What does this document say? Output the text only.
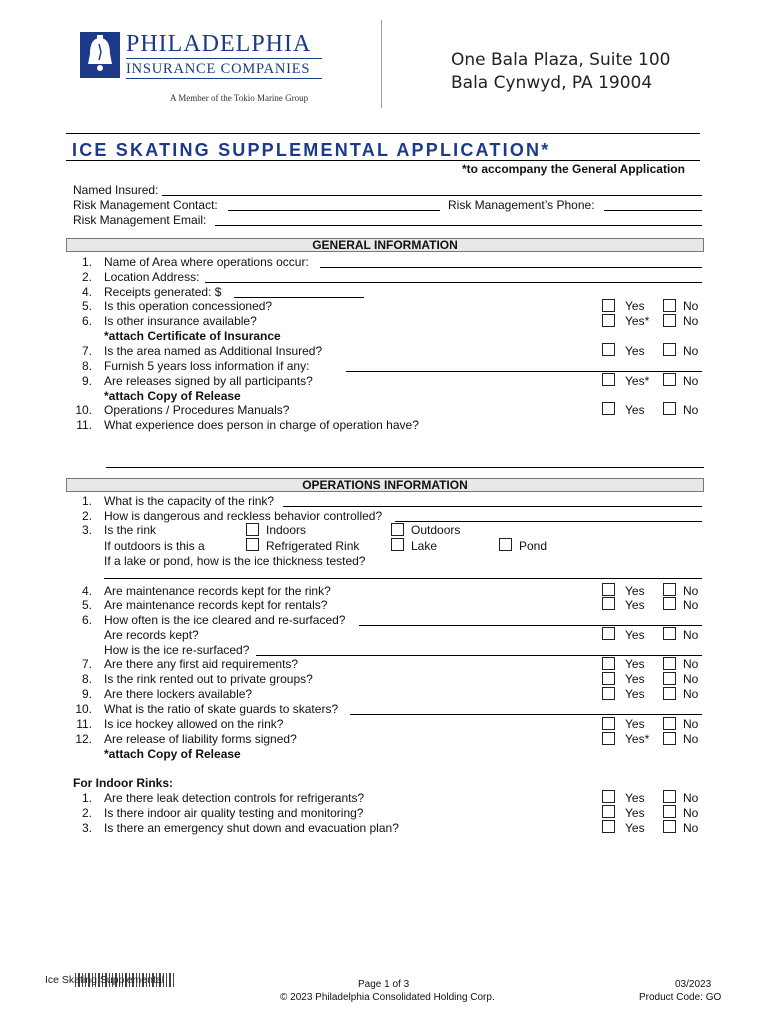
PHILADELPHIA
INSURANCE COMPANIES
A Member of the Tokio Marine Group
One Bala Plaza, Suite 100
Bala Cynwyd, PA 19004
ICE SKATING SUPPLEMENTAL APPLICATION*
*to accompany the General Application
Named Insured:
Risk Management Contact:	Risk Management’s Phone:
Risk Management Email:
GENERAL INFORMATION
1. Name of Area where operations occur:
2. Location Address:
4. Receipts generated: $
5. Is this operation concessioned?	Yes	No
6. Is other insurance available?	Yes*	No
*attach Certificate of Insurance
7. Is the area named as Additional Insured?	Yes	No
8. Furnish 5 years loss information if any:
9. Are releases signed by all participants?	Yes*	No
*attach Copy of Release
10. Operations / Procedures Manuals?	Yes	No
11. What experience does person in charge of operation have?
OPERATIONS INFORMATION
1. What is the capacity of the rink?
2. How is dangerous and reckless behavior controlled?
3. Is the rink	Indoors	Outdoors
If outdoors is this a	Refrigerated Rink	Lake	Pond
If a lake or pond, how is the ice thickness tested?
4. Are maintenance records kept for the rink?	Yes	No
5. Are maintenance records kept for rentals?	Yes	No
6. How often is the ice cleared and re-surfaced?
Are records kept?	Yes	No
How is the ice re-surfaced?
7. Are there any first aid requirements?	Yes	No
8. Is the rink rented out to private groups?	Yes	No
9. Are there lockers available?	Yes	No
10. What is the ratio of skate guards to skaters?
11. Is ice hockey allowed on the rink?	Yes	No
12. Are release of liability forms signed?	Yes*	No
*attach Copy of Release
For Indoor Rinks:
1. Are there leak detection controls for refrigerants?	Yes	No
2. Is there indoor air quality testing and monitoring?	Yes	No
3. Is there an emergency shut down and evacuation plan?	Yes	No
Ice Skating Supplemental	Page 1 of 3
© 2023 Philadelphia Consolidated Holding Corp.
03/2023
Product Code: GO
